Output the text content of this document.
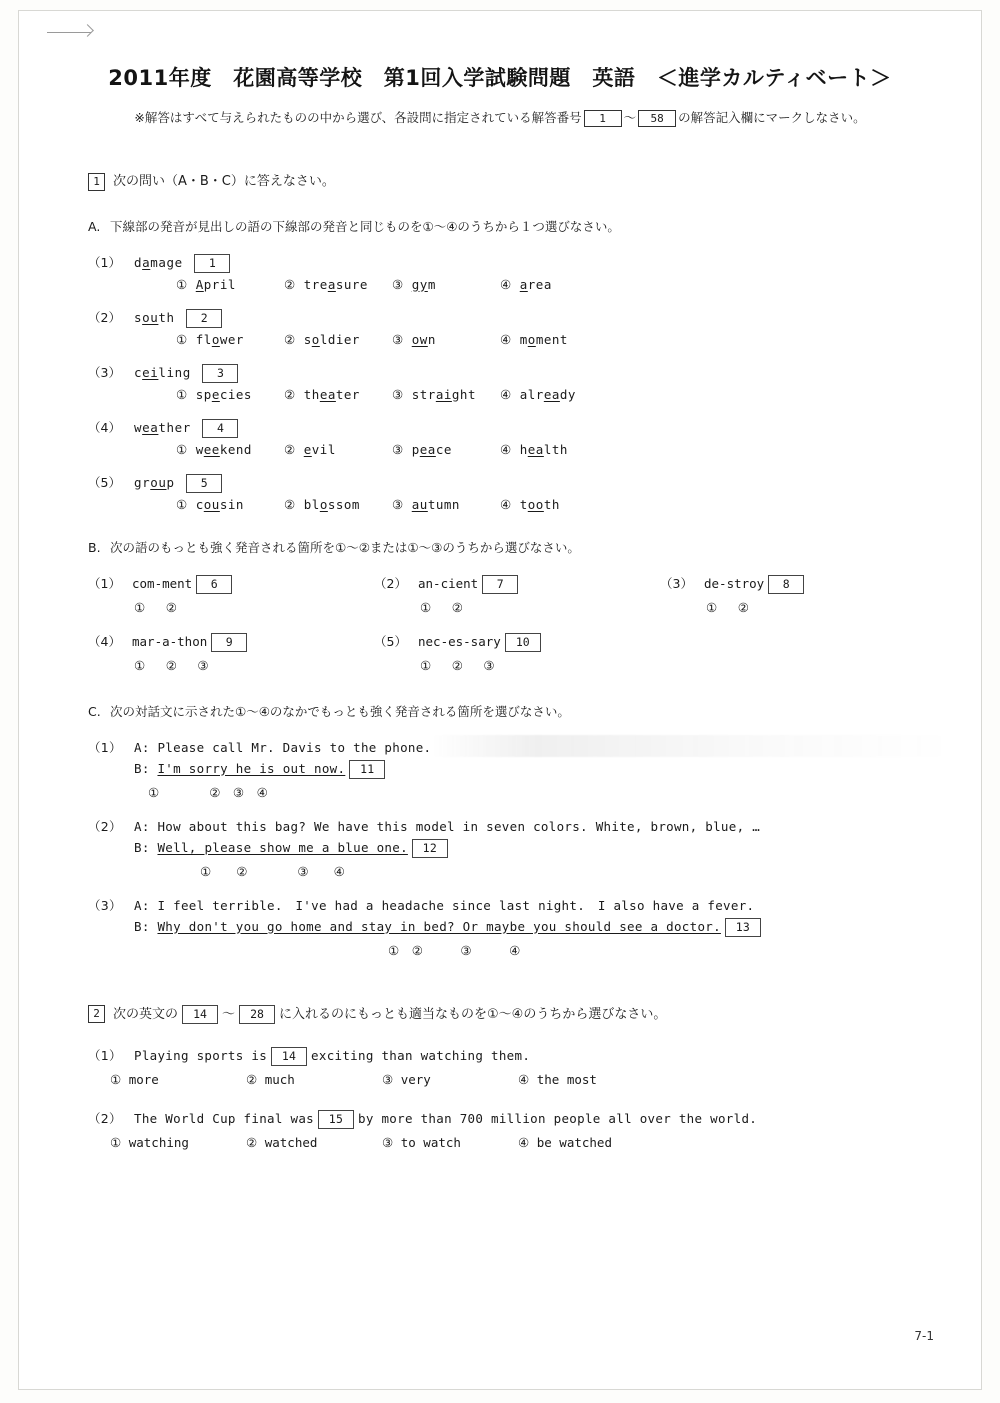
2011年度　花園高等学校　第1回入学試験問題　英語　＜進学カルティベート＞
※解答はすべて与えられたものの中から選び、各設問に指定されている解答番号 1 〜 58 の解答記入欄にマークしなさい。
1 次の問い（A・B・C）に答えなさい。
A. 下線部の発音が見出しの語の下線部の発音と同じものを①〜④のうちから１つ選びなさい。
（1） damage 1
① April	② treasure ③ gym	④ area
（2） south 2
① flower	② soldier	③ own	④ moment
（3） ceiling 3
① species	② theater	③ straight ④ already
（4） weather 4
① weekend	② evil	③ peace	④ health
（5） group 5
① cousin	② blossom	③ autumn	④ tooth
B. 次の語のもっとも強く発音される箇所を①〜②または①〜③のうちから選びなさい。
（1） com-ment 6
①　②
（2） an-cient 7
①　②
（3） de-stroy 8
①　②
（4） mar-a-thon 9
①　②　③
（5） nec-es-sary 10
①　②　③
C. 次の対話文に示された①〜④のなかでもっとも強く発音される箇所を選びなさい。
（1） A: Please call Mr. Davis to the phone.
B: I'm sorry he is out now. 11
①　　　　②　③　④
（2） A: How about this bag? We have this model in seven colors. White, brown, blue, …
B: Well, please show me a blue one. 12
①　　②　　　　③　　④
（3） A: I feel terrible.　I've had a headache since last night.　I also have a fever.
B: Why don't you go home and stay in bed? Or maybe you should see a doctor. 13
①　②　　　③　　　④
2 次の英文の 14 〜 28 に入れるのにもっとも適当なものを①〜④のうちから選びなさい。
（1） Playing sports is 14 exciting than watching them.
① more	② much	③ very	④ the most
（2） The World Cup final was 15 by more than 700 million people all over the world.
① watching	② watched	③ to watch	④ be watched
7-1
